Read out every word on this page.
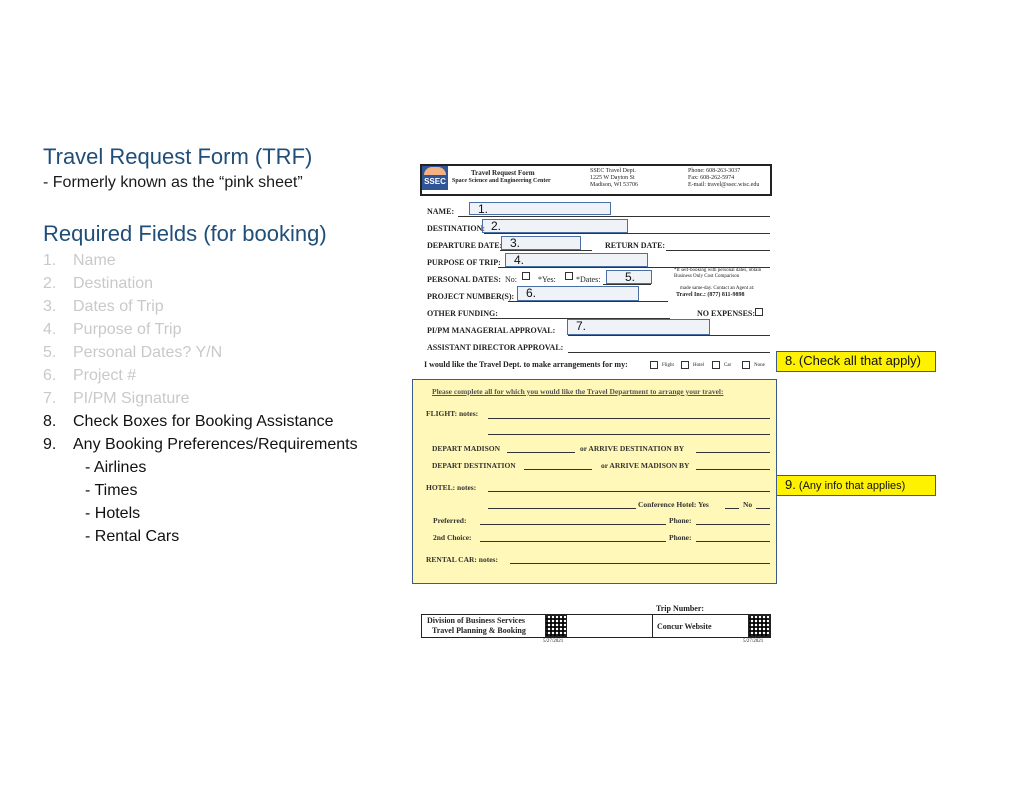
Travel Request Form (TRF)
- Formerly known as the “pink sheet”
Required Fields (for booking)
1. Name
2. Destination
3. Dates of Trip
4. Purpose of Trip
5. Personal Dates? Y/N
6. Project #
7. PI/PM Signature
8. Check Boxes for Booking Assistance
9. Any Booking Preferences/Requirements
- Airlines
- Times
- Hotels
- Rental Cars
SSEC
Travel Request Form
Space Science and Engineering Center
SSEC Travel Dept.
1225 W Dayton St
Madison, WI 53706
Phone: 608-263-3037
Fax: 608-262-5974
E-mail: travel@ssec.wisc.edu
NAME:	1.
DESTINATION: 2.
DEPARTURE DATE: 3.	RETURN DATE:
PURPOSE OF TRIP:	4.
PERSONAL DATES: No:	*Yes:	*Dates:	5.	*If self-booking with personal dates, obtain Business Only Cost Comparison
made same-day. Contact an Agent at:
Travel Inc.: (877) 811-9898
PROJECT NUMBER(S): 6.
OTHER FUNDING:	NO EXPENSES:
PI/PM MANAGERIAL APPROVAL:	7.
ASSISTANT DIRECTOR APPROVAL:
I would like the Travel Dept. to make arrangements for my:	Flight	Hotel	Car	None	8. (Check all that apply)
Please complete all for which you would like the Travel Department to arrange your travel:
FLIGHT: notes:
DEPART MADISON	or ARRIVE DESTINATION BY
DEPART DESTINATION	or ARRIVE MADISON BY
HOTEL: notes:
Conference Hotel: Yes	No
Preferred:	Phone:
2nd Choice:	Phone:
RENTAL CAR: notes:
9. (Any info that applies)
Trip Number:
Division of Business Services
Travel Planning & Booking	Concur Website
5/27/2021	5/27/2021
